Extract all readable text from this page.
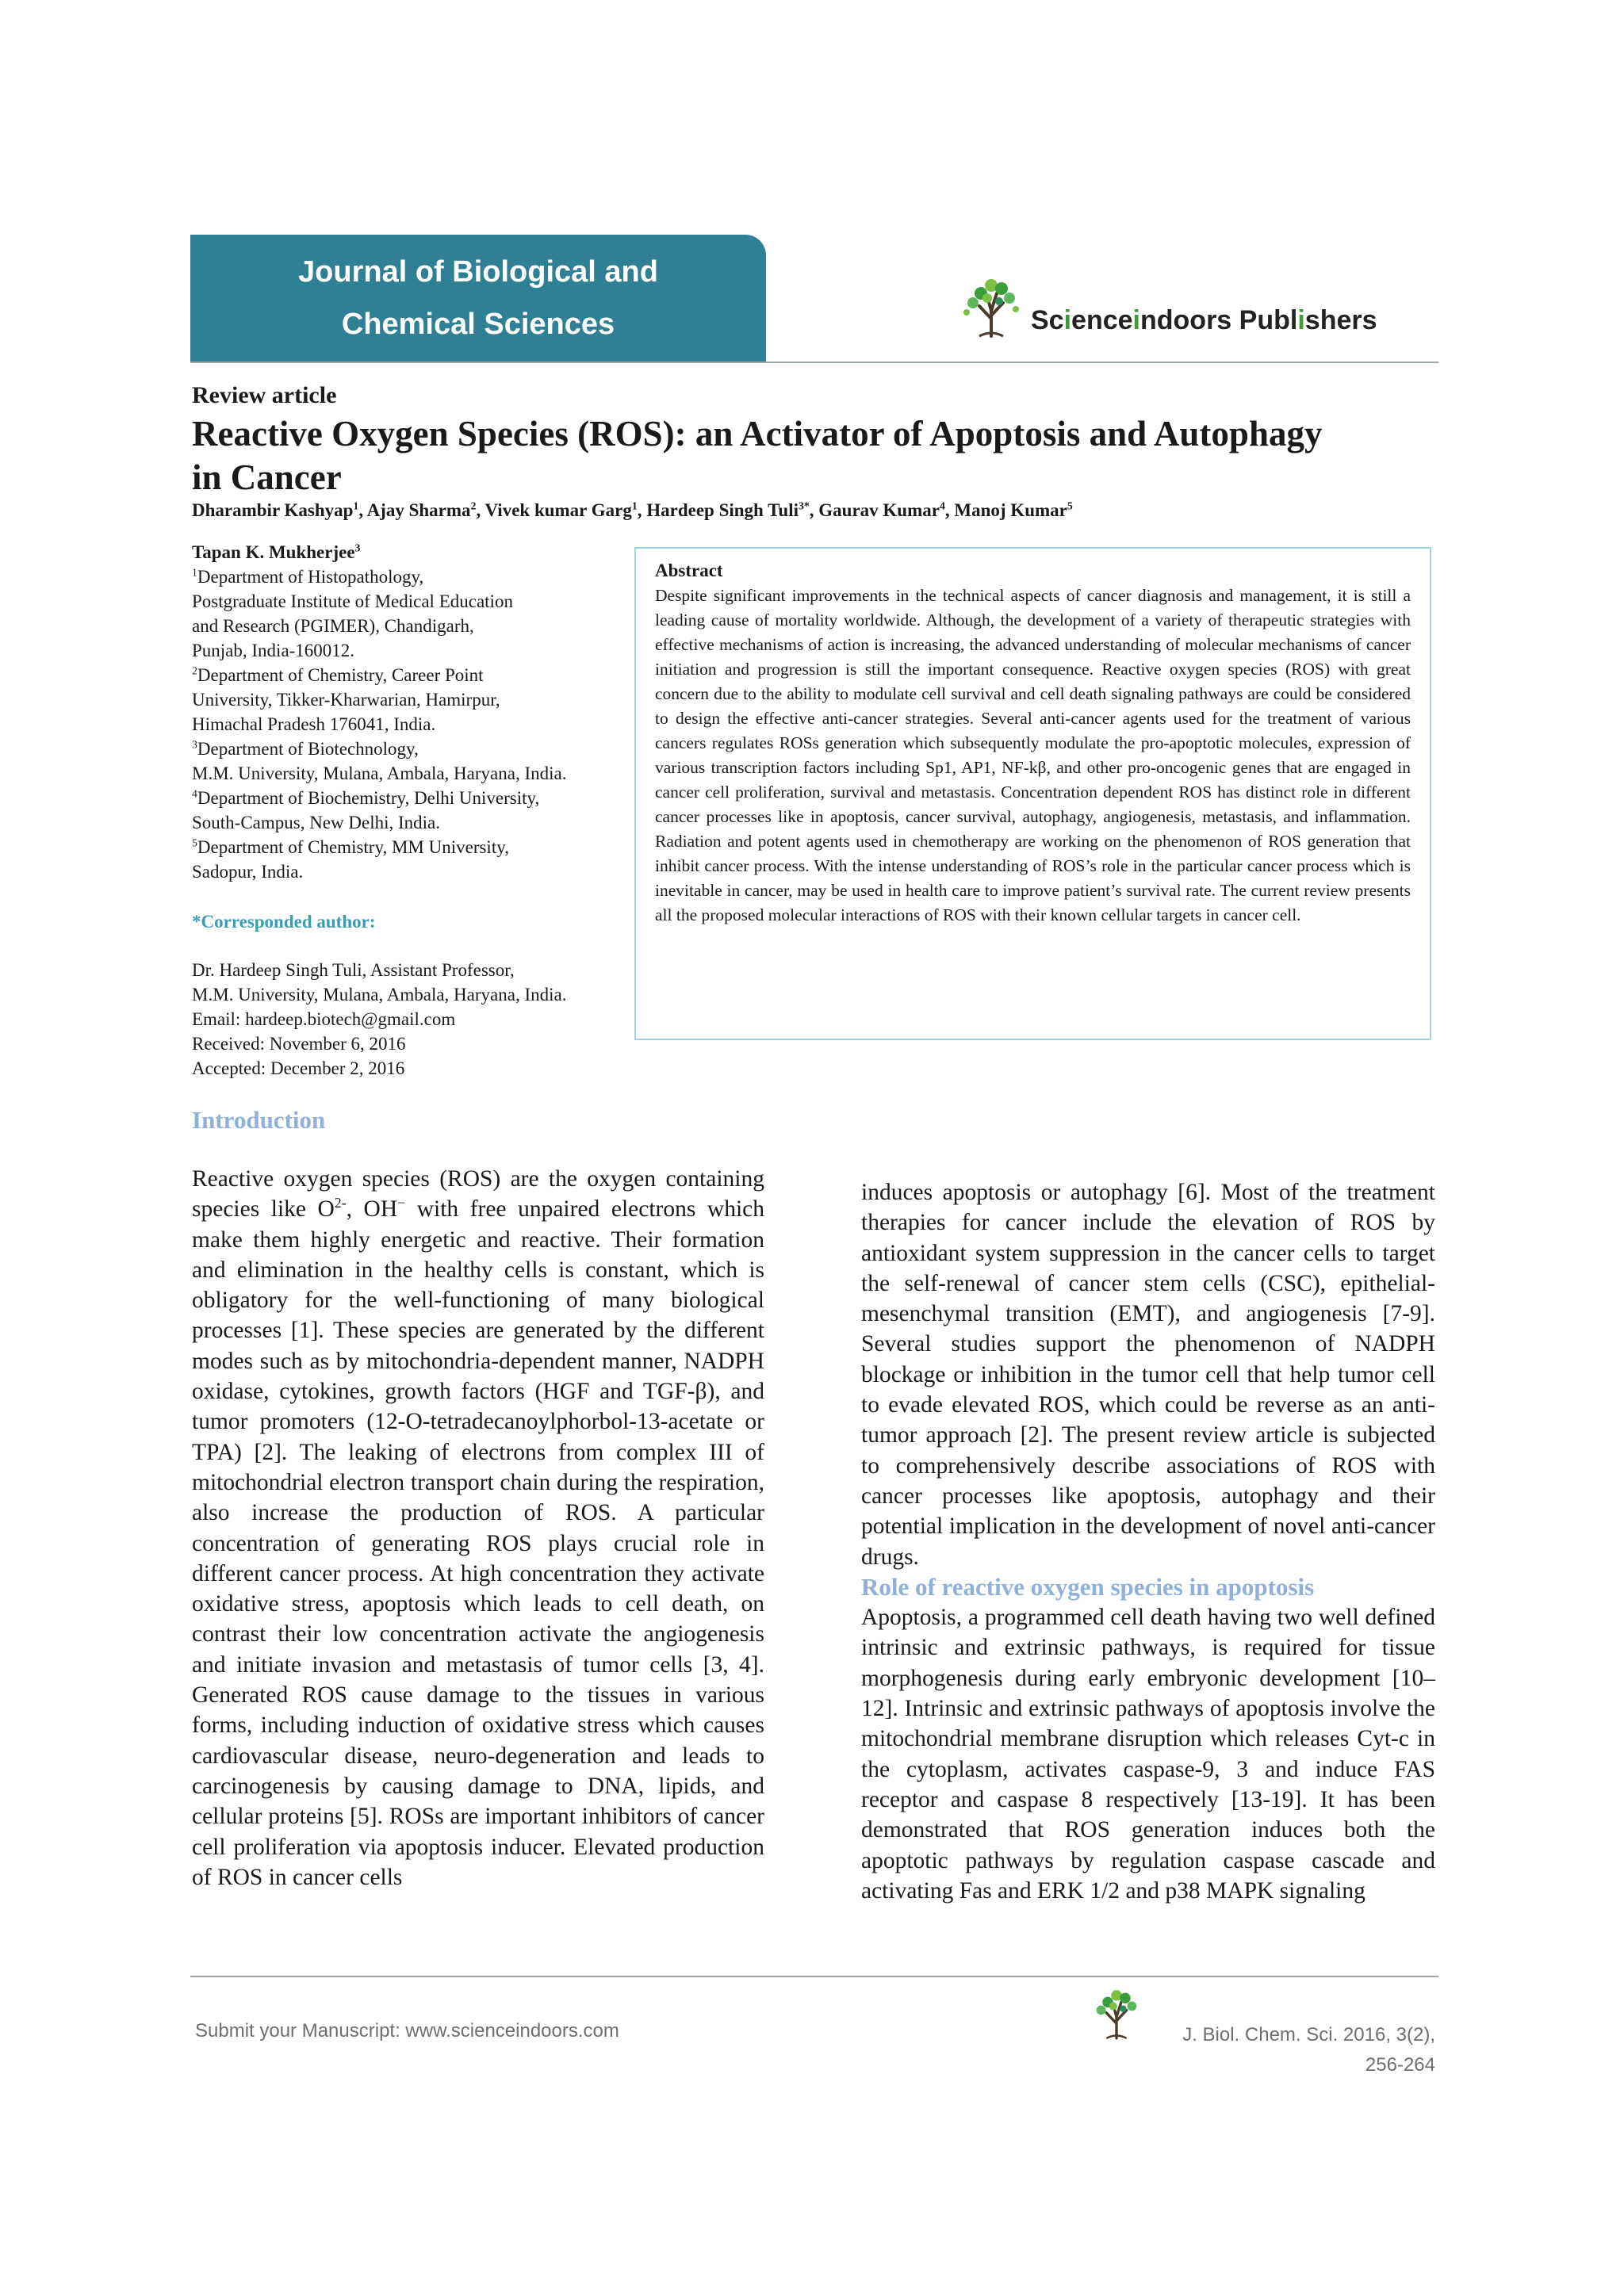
Journal of Biological and
Chemical Sciences	Scienceindoors Publishers
Review article
Reactive Oxygen Species (ROS): an Activator of Apoptosis and Autophagy
in Cancer
Dharambir Kashyap$^1$, Ajay Sharma$^2$, Vivek kumar Garg$^1$, Hardeep Singh Tuli$^{3*}$, Gaurav Kumar$^4$, Manoj Kumar$^5$
Tapan K. Mukherjee$^3$
$^1$Department of Histopathology,
Postgraduate Institute of Medical Education
and Research (PGIMER), Chandigarh,
Punjab, India-160012.
$^2$Department of Chemistry, Career Point
University, Tikker-Kharwarian, Hamirpur,
Himachal Pradesh 176041, India.
$^3$Department of Biotechnology,
M.M. University, Mulana, Ambala, Haryana, India.
$^4$Department of Biochemistry, Delhi University,
South-Campus, New Delhi, India.
$^5$Department of Chemistry, MM University,
Sadopur, India.
*Corresponded author:
Dr. Hardeep Singh Tuli, Assistant Professor,
M.M. University, Mulana, Ambala, Haryana, India.
Email: hardeep.biotech@gmail.com
Received: November 6, 2016
Accepted: December 2, 2016
Abstract
Despite significant improvements in the technical aspects of cancer diagnosis and management, it is still a leading cause of mortality worldwide. Although, the development of a variety of therapeutic strategies with effective mechanisms of action is increasing, the advanced understanding of molecular mechanisms of cancer initiation and progression is still the important consequence. Reactive oxygen species (ROS) with great concern due to the ability to modulate cell survival and cell death signaling pathways are could be considered to design the effective anti-cancer strategies. Several anti-cancer agents used for the treatment of various cancers regulates ROSs generation which subsequently modulate the pro-apoptotic molecules, expression of various transcription factors including Sp1, AP1, NF-kβ, and other pro-oncogenic genes that are engaged in cancer cell proliferation, survival and metastasis. Concentration dependent ROS has distinct role in different cancer processes like in apoptosis, cancer survival, autophagy, angiogenesis, metastasis, and inflammation. Radiation and potent agents used in chemotherapy are working on the phenomenon of ROS generation that inhibit cancer process. With the intense understanding of ROS’s role in the particular cancer process which is inevitable in cancer, may be used in health care to improve patient’s survival rate. The current review presents all the proposed molecular interactions of ROS with their known cellular targets in cancer cell.
Introduction
Reactive oxygen species (ROS) are the oxygen containing species like $O^{2-}$, OH− with free unpaired electrons which make them highly energetic and reactive. Their formation and elimination in the healthy cells is constant, which is obligatory for the well-functioning of many biological processes [1]. These species are generated by the different modes such as by mitochondria-dependent manner, NADPH oxidase, cytokines, growth factors (HGF and TGF-β), and tumor promoters (12-O-tetradecanoylphorbol-13-acetate or TPA) [2]. The leaking of electrons from complex III of mitochondrial electron transport chain during the respiration, also increase the production of ROS. A particular concentration of generating ROS plays crucial role in different cancer process. At high concentration they activate oxidative stress, apoptosis which leads to cell death, on contrast their low concentration activate the angiogenesis and initiate invasion and metastasis of tumor cells [3, 4]. Generated ROS cause damage to the tissues in various forms, including induction of oxidative stress which causes cardiovascular disease, neuro-degeneration and leads to carcinogenesis by causing damage to DNA, lipids, and cellular proteins [5]. ROSs are important inhibitors of cancer cell proliferation via apoptosis inducer. Elevated production of ROS in cancer cells
induces apoptosis or autophagy [6]. Most of the treatment therapies for cancer include the elevation of ROS by antioxidant system suppression in the cancer cells to target the self-renewal of cancer stem cells (CSC), epithelial-mesenchymal transition (EMT), and angiogenesis [7-9]. Several studies support the phenomenon of NADPH blockage or inhibition in the tumor cell that help tumor cell to evade elevated ROS, which could be reverse as an anti-tumor approach [2]. The present review article is subjected to comprehensively describe associations of ROS with cancer processes like apoptosis, autophagy and their potential implication in the development of novel anti-cancer drugs.
Role of reactive oxygen species in apoptosis
Apoptosis, a programmed cell death having two well defined intrinsic and extrinsic pathways, is required for tissue morphogenesis during early embryonic development [10–12]. Intrinsic and extrinsic pathways of apoptosis involve the mitochondrial membrane disruption which releases Cyt-c in the cytoplasm, activates caspase-9, 3 and induce FAS receptor and caspase 8 respectively [13-19]. It has been demonstrated that ROS generation induces both the apoptotic pathways by regulation caspase cascade and activating Fas and ERK 1/2 and p38 MAPK signaling
Submit your Manuscript: www.scienceindoors.com	J. Biol. Chem. Sci. 2016, 3(2),
256-264
